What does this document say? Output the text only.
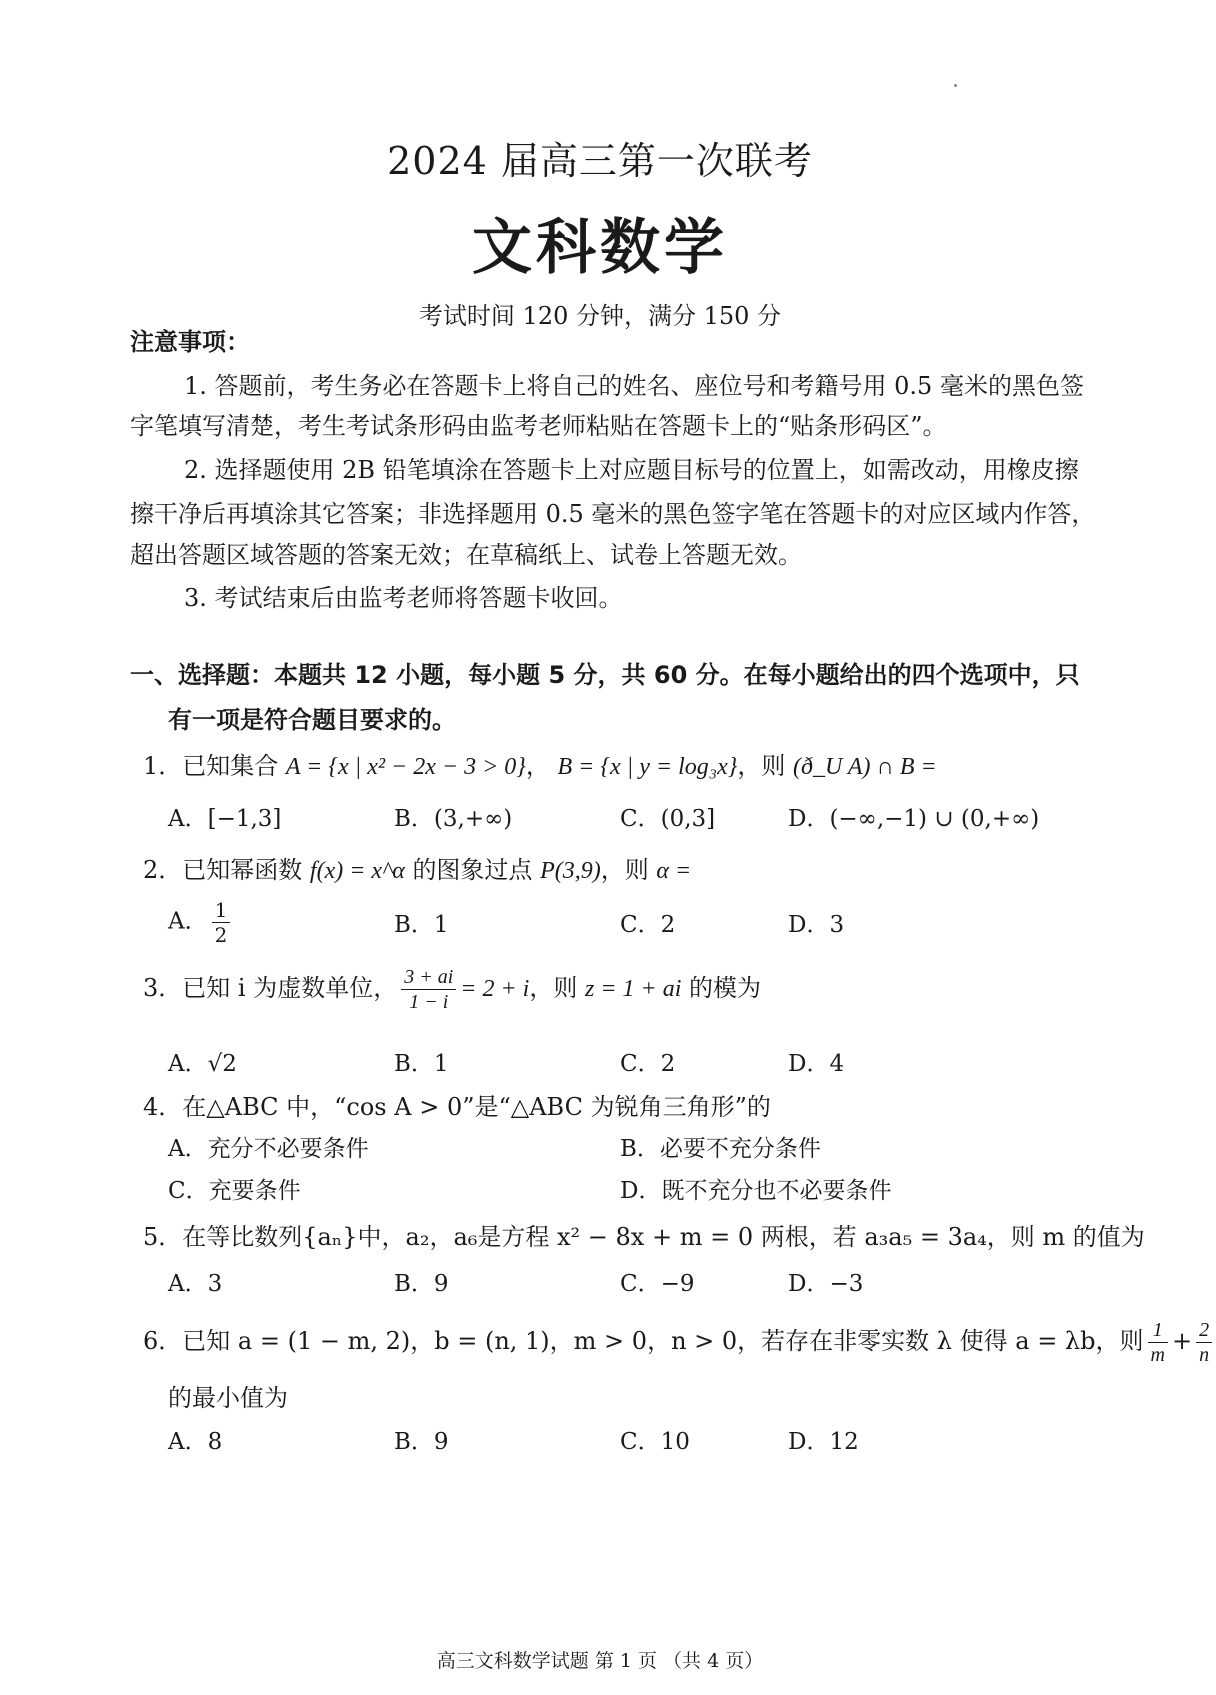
2024 届高三第一次联考
文科数学
考试时间 120 分钟，满分 150 分
注意事项：
1. 答题前，考生务必在答题卡上将自己的姓名、座位号和考籍号用 0.5 毫米的黑色签
字笔填写清楚，考生考试条形码由监考老师粘贴在答题卡上的“贴条形码区”。
2. 选择题使用 2B 铅笔填涂在答题卡上对应题目标号的位置上，如需改动，用橡皮擦
擦干净后再填涂其它答案；非选择题用 0.5 毫米的黑色签字笔在答题卡的对应区域内作答，
超出答题区域答题的答案无效；在草稿纸上、试卷上答题无效。
3. 考试结束后由监考老师将答题卡收回。
一、选择题：本题共 12 小题，每小题 5 分，共 60 分。在每小题给出的四个选项中，只
有一项是符合题目要求的。
1．已知集合 A = {x | x² − 2x − 3 > 0}， B = {x | y = log₃x}，则 (ð_U A) ∩ B =
A．[−1,3]	B．(3,+∞)	C．(0,3]	D．(−∞,−1) ∪ (0,+∞)
2．已知幂函数 f(x) = x^α 的图象过点 P(3,9)，则 α =
A． $\frac{1}{2}$	B．1	C．2	D．3
3．已知 i 为虚数单位， $\frac{3 + ai}{1 - i} = 2 + i$，则 z = 1 + ai 的模为
A．√2	B．1	C．2	D．4
4．在△ABC 中，“cos A > 0”是“△ABC 为锐角三角形”的
A．充分不必要条件	B．必要不充分条件
C．充要条件	D．既不充分也不必要条件
5．在等比数列{aₙ}中，a₂，a₆是方程 x² − 8x + m = 0 两根，若 a₃a₅ = 3a₄，则 m 的值为
A．3	B．9	C．−9	D．−3
6．已知 a = (1 − m, 2)，b = (n, 1)，m > 0，n > 0，若存在非零实数 λ 使得 a = λb，则 $\frac{1}{m} + \frac{2}{n}$
的最小值为
A．8	B．9	C．10	D．12
高三文科数学试题 第 1 页 （共 4 页）
